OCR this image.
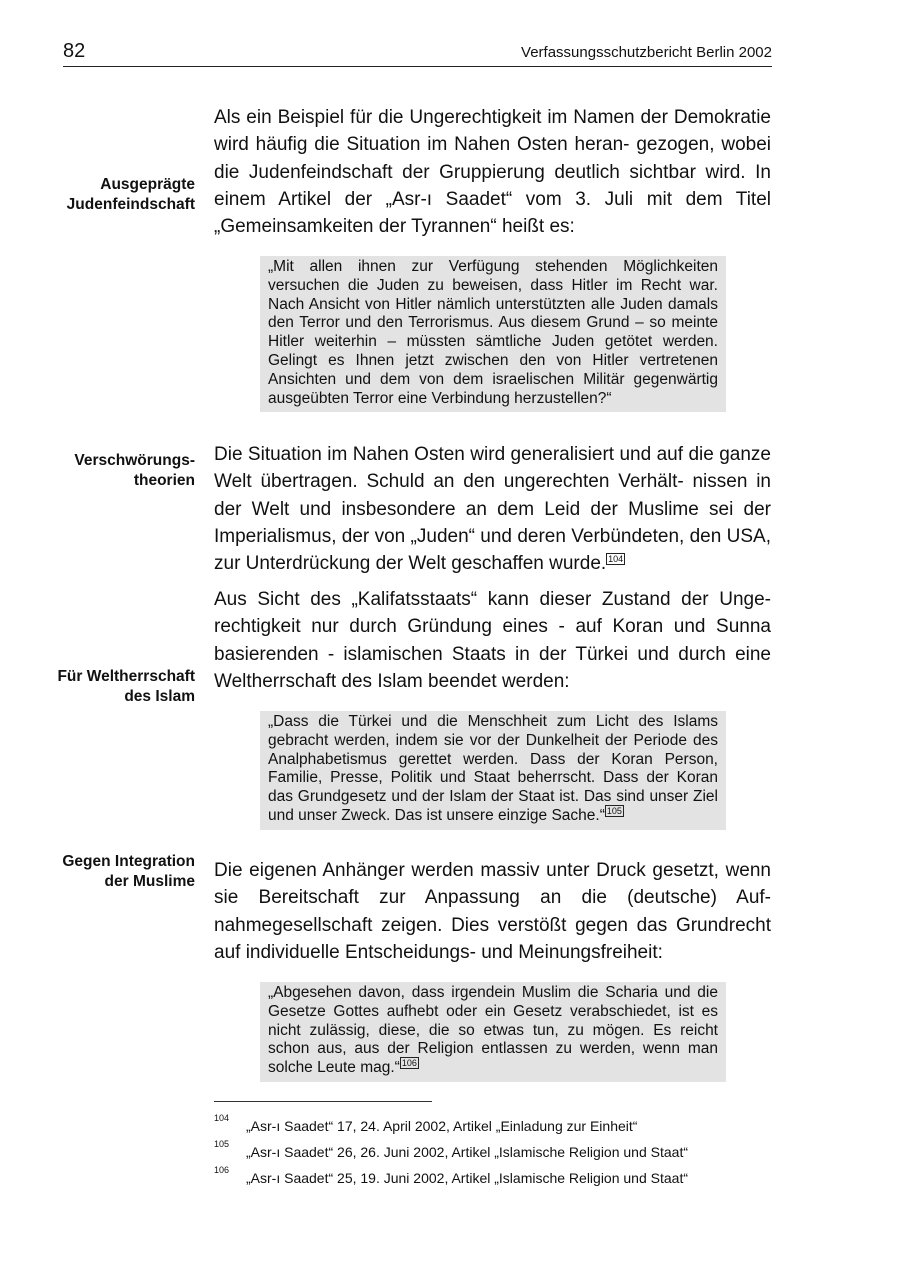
82	Verfassungsschutzbericht Berlin 2002
Ausgeprägte
Judenfeindschaft
Verschwörungs-
theorien
Für Weltherrschaft
des Islam
Gegen Integration
der Muslime
Als ein Beispiel für die Ungerechtigkeit im Namen der Demokratie wird häufig die Situation im Nahen Osten heran- gezogen, wobei die Judenfeindschaft der Gruppierung deutlich sichtbar wird. In einem Artikel der „Asr-ı Saadet“ vom 3. Juli mit dem Titel „Gemeinsamkeiten der Tyrannen“ heißt es:
„Mit allen ihnen zur Verfügung stehenden Möglichkeiten versuchen die Juden zu beweisen, dass Hitler im Recht war. Nach Ansicht von Hitler nämlich unterstützten alle Juden damals den Terror und den Terrorismus. Aus diesem Grund – so meinte Hitler weiterhin – müssten sämtliche Juden getötet werden. Gelingt es Ihnen jetzt zwischen den von Hitler vertretenen Ansichten und dem von dem israelischen Militär gegenwärtig ausgeübten Terror eine Verbindung herzustellen?“
Die Situation im Nahen Osten wird generalisiert und auf die ganze Welt übertragen. Schuld an den ungerechten Verhält- nissen in der Welt und insbesondere an dem Leid der Muslime sei der Imperialismus, der von „Juden“ und deren Verbündeten, den USA, zur Unterdrückung der Welt geschaffen wurde. $^{104}$
Aus Sicht des „Kalifatsstaats“ kann dieser Zustand der Unge- rechtigkeit nur durch Gründung eines - auf Koran und Sunna basierenden - islamischen Staats in der Türkei und durch eine Weltherrschaft des Islam beendet werden:
„Dass die Türkei und die Menschheit zum Licht des Islams gebracht werden, indem sie vor der Dunkelheit der Periode des Analphabetismus gerettet werden. Dass der Koran Person, Familie, Presse, Politik und Staat beherrscht. Dass der Koran das Grundgesetz und der Islam der Staat ist. Das sind unser Ziel und unser Zweck. Das ist unsere einzige Sache.“ $^{105}$
Die eigenen Anhänger werden massiv unter Druck gesetzt, wenn sie Bereitschaft zur Anpassung an die (deutsche) Auf- nahmegesellschaft zeigen. Dies verstößt gegen das Grundrecht auf individuelle Entscheidungs- und Meinungsfreiheit:
„Abgesehen davon, dass irgendein Muslim die Scharia und die Gesetze Gottes aufhebt oder ein Gesetz verabschiedet, ist es nicht zulässig, diese, die so etwas tun, zu mögen. Es reicht schon aus, aus der Religion entlassen zu werden, wenn man solche Leute mag.“ $^{106}$
104 „Asr-ı Saadet“ 17, 24. April 2002, Artikel „Einladung zur Einheit“
105 „Asr-ı Saadet“ 26, 26. Juni 2002, Artikel „Islamische Religion und Staat“
106 „Asr-ı Saadet“ 25, 19. Juni 2002, Artikel „Islamische Religion und Staat“
